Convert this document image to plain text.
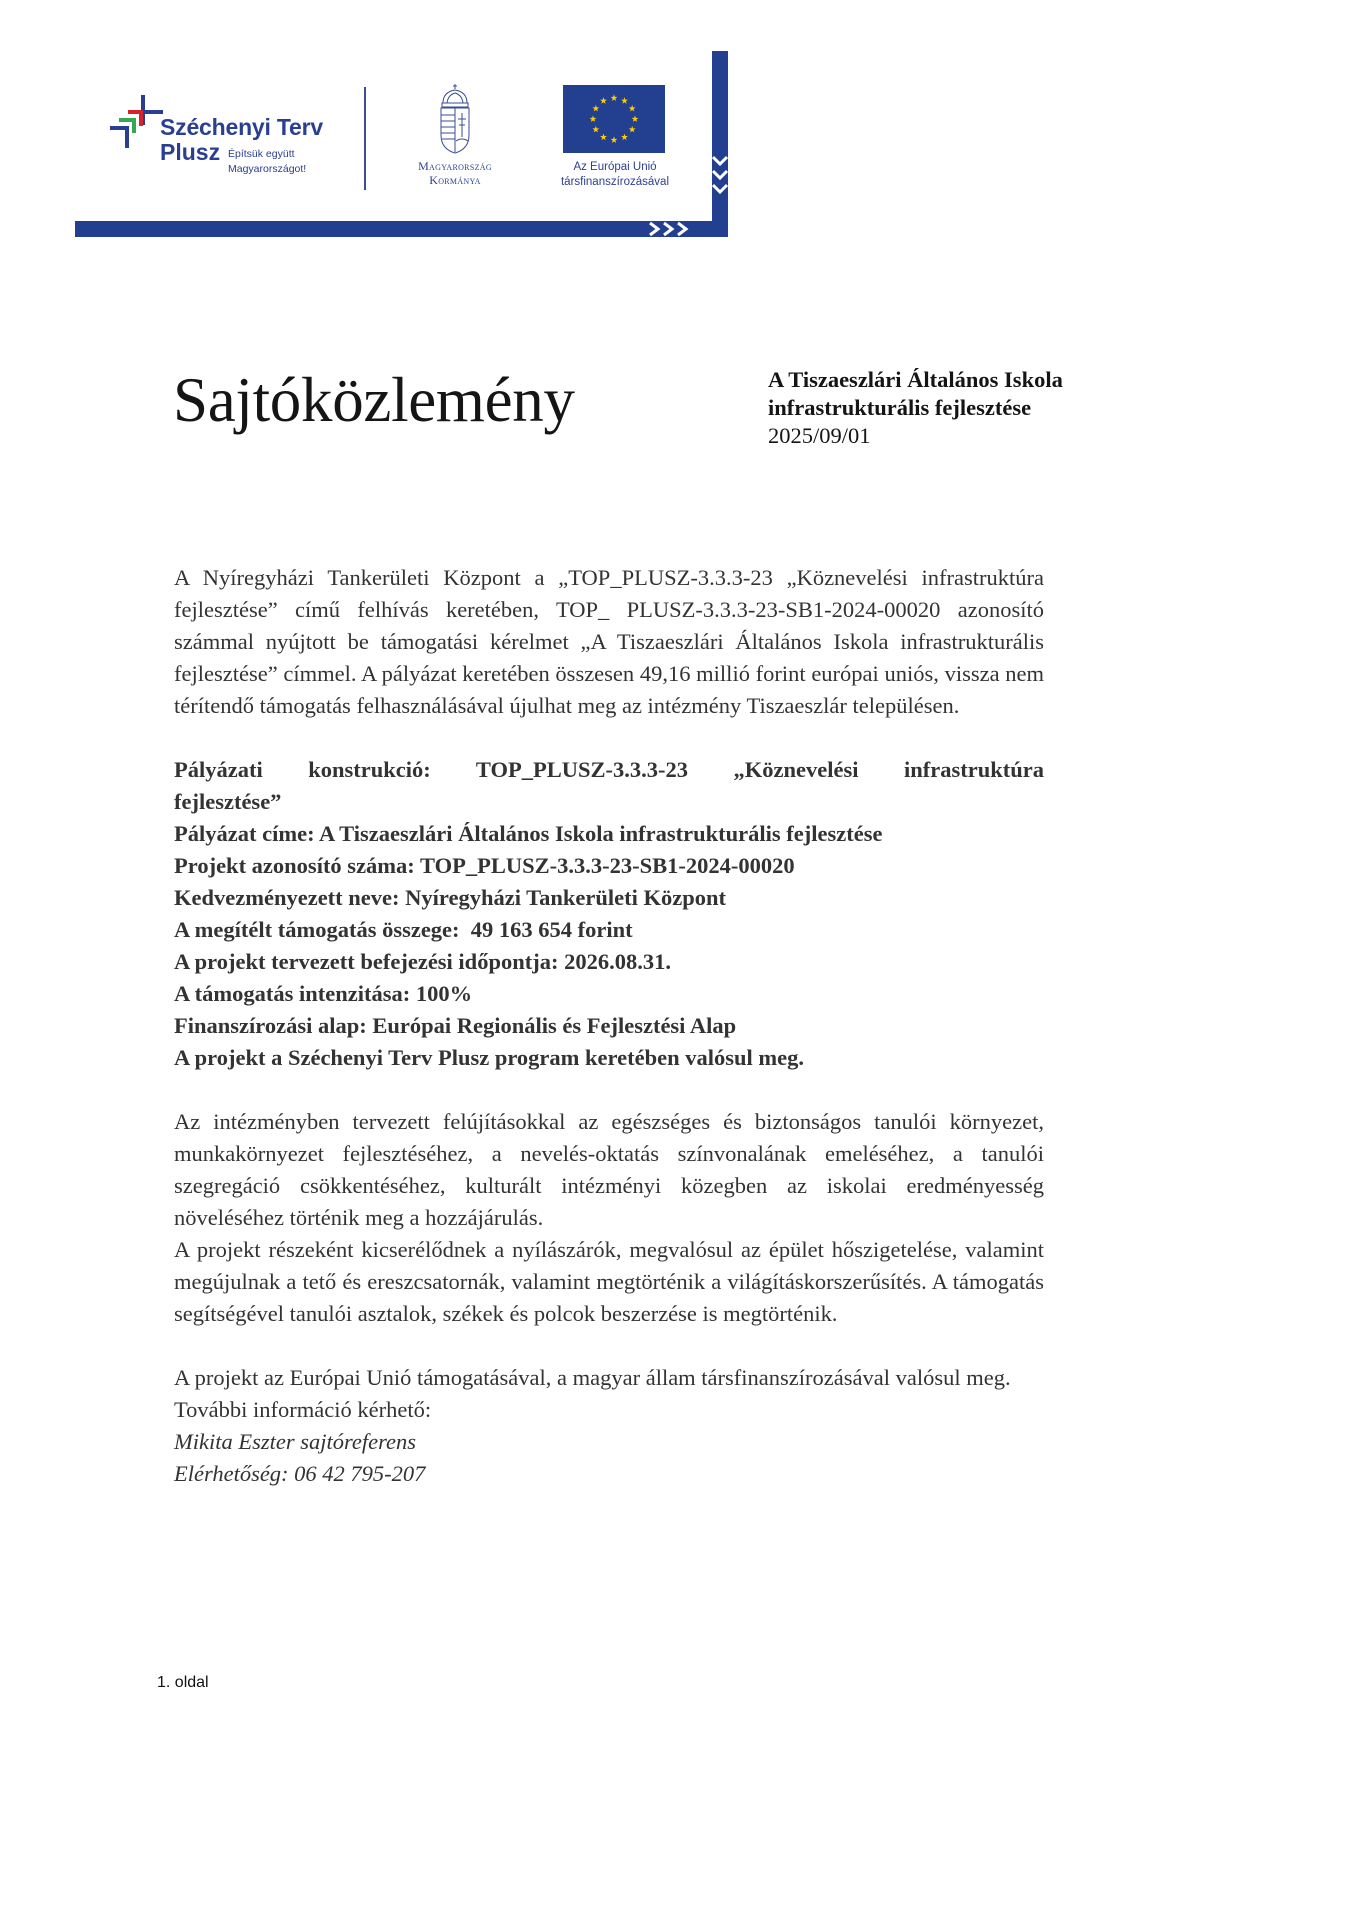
Széchenyi Terv
Plusz Építsük együtt
Magyarországot!	Magyarország
Kormánya
Az Európai Unió
társfinanszírozásával
Sajtóközlemény	A Tiszaeszlári Általános Iskola
infrastrukturális fejlesztése
2025/09/01

A Nyíregyházi Tankerületi Központ a „TOP_PLUSZ-3.3.3-23 „Köznevelési infrastruktúra fejlesztése” című felhívás keretében, TOP_ PLUSZ-3.3.3-23-SB1-2024-00020 azonosító számmal nyújtott be támogatási kérelmet „A Tiszaeszlári Általános Iskola infrastrukturális fejlesztése” címmel. A pályázat keretében összesen 49,16 millió forint európai uniós, vissza nem térítendő támogatás felhasználásával újulhat meg az intézmény Tiszaeszlár településen.

Pályázati konstrukció: TOP_PLUSZ-3.3.3-23 „Köznevelési infrastruktúra
fejlesztése”
Pályázat címe: A Tiszaeszlári Általános Iskola infrastrukturális fejlesztése
Projekt azonosító száma: TOP_PLUSZ-3.3.3-23-SB1-2024-00020
Kedvezményezett neve: Nyíregyházi Tankerületi Központ
A megítélt támogatás összege:  49 163 654 forint
A projekt tervezett befejezési időpontja: 2026.08.31.
A támogatás intenzitása: 100%
Finanszírozási alap: Európai Regionális és Fejlesztési Alap
A projekt a Széchenyi Terv Plusz program keretében valósul meg.

Az intézményben tervezett felújításokkal az egészséges és biztonságos tanulói környezet, munkakörnyezet fejlesztéséhez, a nevelés-oktatás színvonalának emeléséhez, a tanulói szegregáció csökkentéséhez, kulturált intézményi közegben az iskolai eredményesség növeléséhez történik meg a hozzájárulás.

A projekt részeként kicserélődnek a nyílászárók, megvalósul az épület hőszigetelése, valamint megújulnak a tető és ereszcsatornák, valamint megtörténik a világításkorszerűsítés. A támogatás segítségével tanulói asztalok, székek és polcok beszerzése is megtörténik.

A projekt az Európai Unió támogatásával, a magyar állam társfinanszírozásával valósul meg.

További információ kérhető:
Mikita Eszter sajtóreferens
Elérhetőség: 06 42 795-207
1. oldal
